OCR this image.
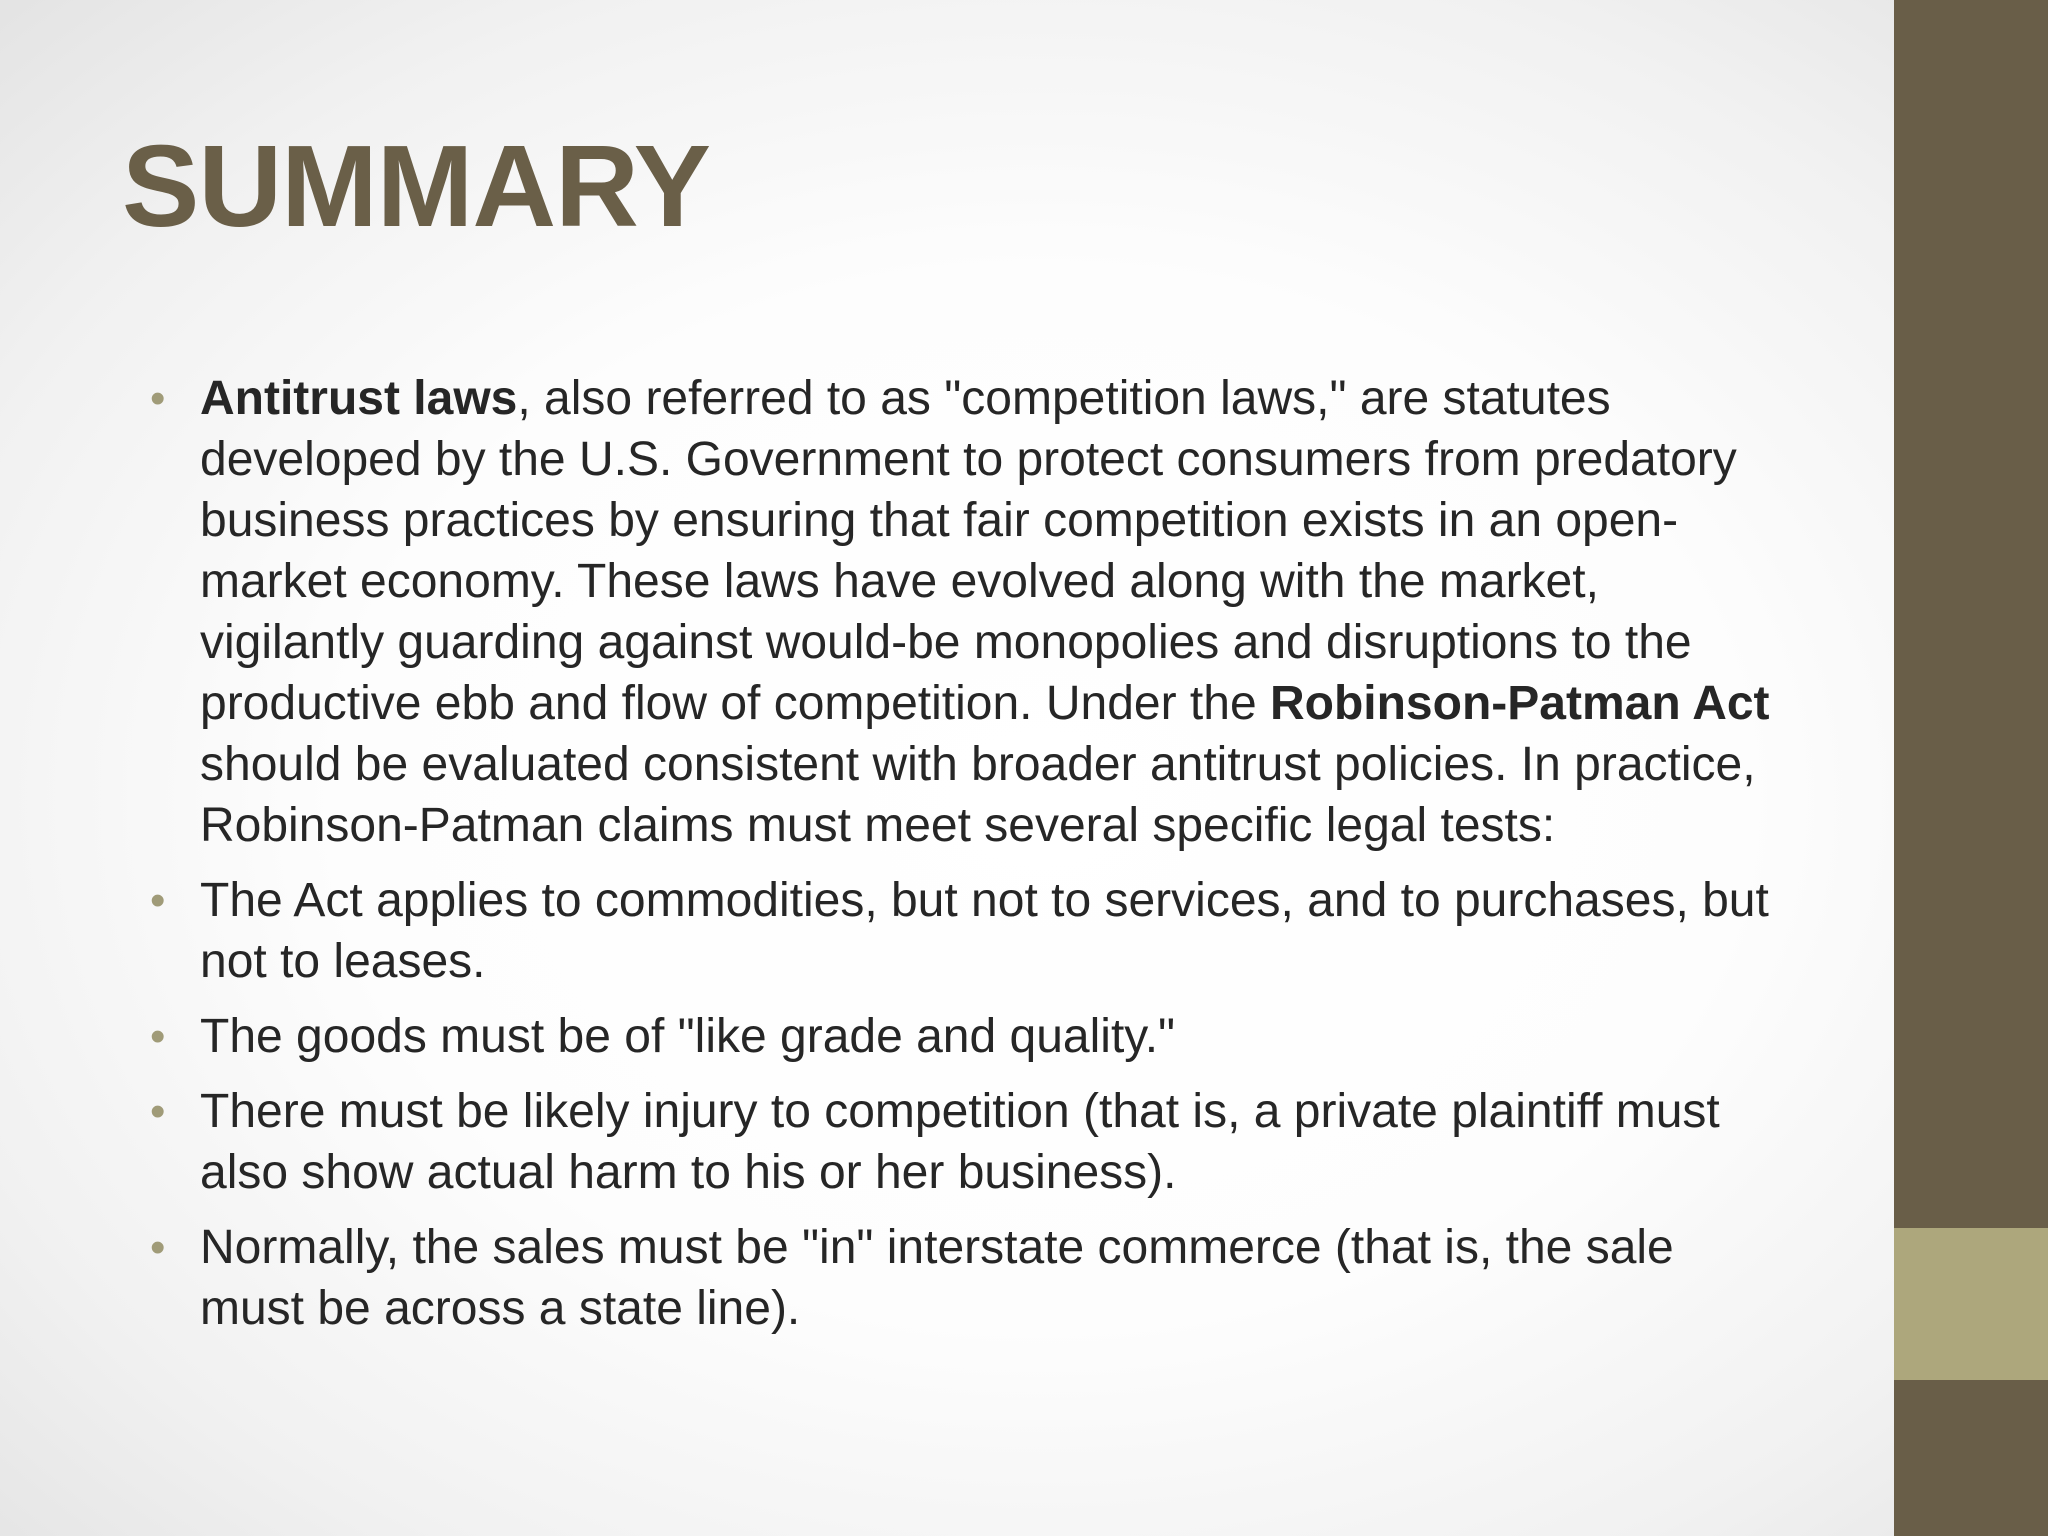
SUMMARY
• Antitrust laws, also referred to as "competition laws," are statutes developed by the U.S. Government to protect consumers from predatory business practices by ensuring that fair competition exists in an open-market economy. These laws have evolved along with the market, vigilantly guarding against would-be monopolies and disruptions to the productive ebb and flow of competition. Under the Robinson-Patman Act should be evaluated consistent with broader antitrust policies. In practice, Robinson-Patman claims must meet several specific legal tests:
• The Act applies to commodities, but not to services, and to purchases, but not to leases.
• The goods must be of "like grade and quality."
• There must be likely injury to competition (that is, a private plaintiff must also show actual harm to his or her business).
• Normally, the sales must be "in" interstate commerce (that is, the sale must be across a state line).
